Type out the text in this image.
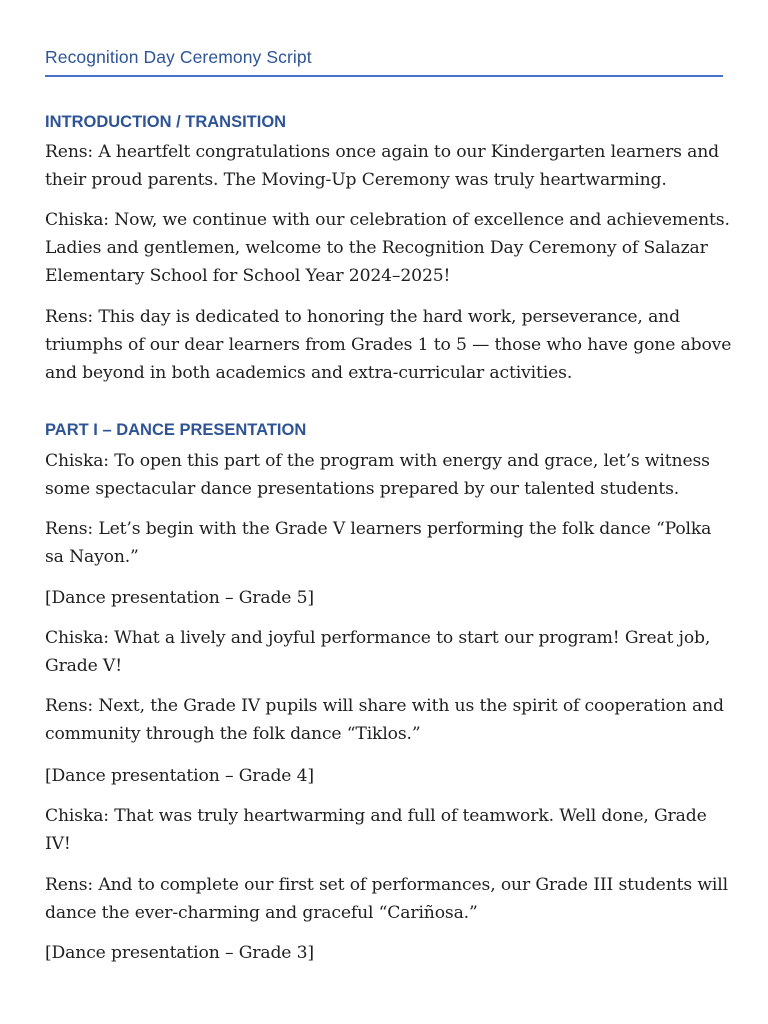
Recognition Day Ceremony Script
INTRODUCTION / TRANSITION
Rens: A heartfelt congratulations once again to our Kindergarten learners and their proud parents. The Moving-Up Ceremony was truly heartwarming.
Chiska: Now, we continue with our celebration of excellence and achievements. Ladies and gentlemen, welcome to the Recognition Day Ceremony of Salazar Elementary School for School Year 2024–2025!
Rens: This day is dedicated to honoring the hard work, perseverance, and triumphs of our dear learners from Grades 1 to 5 — those who have gone above and beyond in both academics and extra-curricular activities.
PART I – DANCE PRESENTATION
Chiska: To open this part of the program with energy and grace, let’s witness some spectacular dance presentations prepared by our talented students.
Rens: Let’s begin with the Grade V learners performing the folk dance “Polka sa Nayon.”
[Dance presentation – Grade 5]
Chiska: What a lively and joyful performance to start our program! Great job, Grade V!
Rens: Next, the Grade IV pupils will share with us the spirit of cooperation and community through the folk dance “Tiklos.”
[Dance presentation – Grade 4]
Chiska: That was truly heartwarming and full of teamwork. Well done, Grade IV!
Rens: And to complete our first set of performances, our Grade III students will dance the ever-charming and graceful “Cariñosa.”
[Dance presentation – Grade 3]
